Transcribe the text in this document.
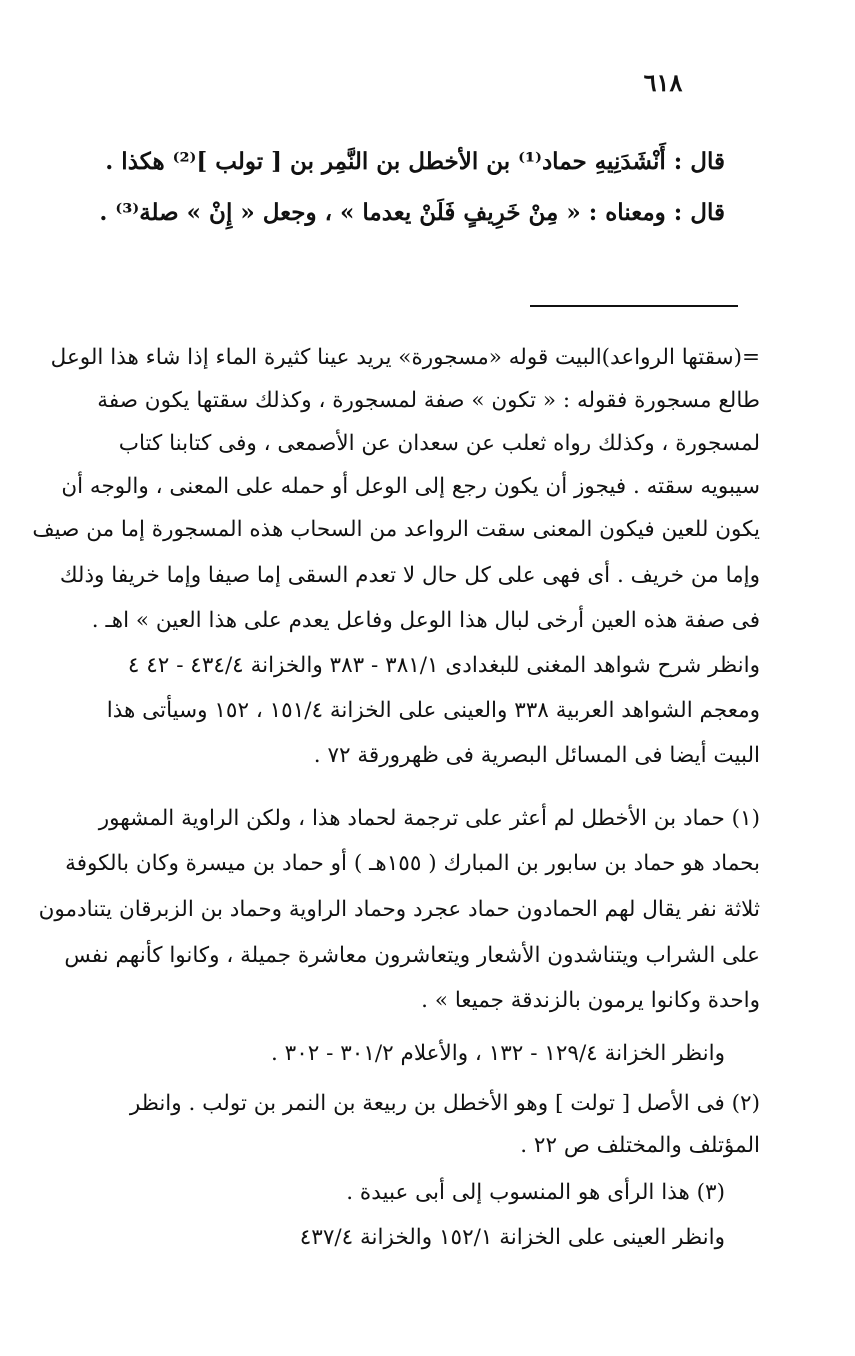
٦١٨
قال : أَنْشَدَنِيهِ حماد⁽¹⁾ بن الأخطل بن النَّمِر بن [ تولب ]⁽²⁾ هكذا .
قال : ومعناه : « مِنْ خَرِيفٍ فَلَنْ يعدما » ، وجعل « إِنْ » صلة⁽³⁾ .
=(سقتها الرواعد)البيت قوله «مسجورة» يريد عينا كثيرة الماء إذا شاء هذا الوعل
طالع مسجورة فقوله : « تكون » صفة لمسجورة ، وكذلك سقتها يكون صفة
لمسجورة ، وكذلك رواه ثعلب عن سعدان عن الأصمعى ، وفى كتابنا كتاب
سيبويه سقته . فيجوز أن يكون رجع إلى الوعل أو حمله على المعنى ، والوجه أن
يكون للعين فيكون المعنى سقت الرواعد من السحاب هذه المسجورة إما من صيف
وإما من خريف . أى فهى على كل حال لا تعدم السقى إما صيفا وإما خريفا وذلك
فى صفة هذه العين أرخى لبال هذا الوعل وفاعل يعدم على هذا العين » اهـ .
وانظر شرح شواهد المغنى للبغدادى ٣٨١/١ - ٣٨٣ والخزانة ٤٣٤/٤ - ٤٢ ٤
ومعجم الشواهد العربية ٣٣٨ والعينى على الخزانة ١٥١/٤ ، ١٥٢ وسيأتى هذا
البيت أيضا فى المسائل البصرية فى ظهرورقة ٧٢ .
(١) حماد بن الأخطل لم أعثر على ترجمة لحماد هذا ، ولكن الراوية المشهور
بحماد هو حماد بن سابور بن المبارك ( ١٥٥هـ ) أو حماد بن ميسرة وكان بالكوفة
ثلاثة نفر يقال لهم الحمادون حماد عجرد وحماد الراوية وحماد بن الزبرقان يتنادمون
على الشراب ويتناشدون الأشعار ويتعاشرون معاشرة جميلة ، وكانوا كأنهم نفس
واحدة وكانوا يرمون بالزندقة جميعا » .
وانظر الخزانة ١٢٩/٤ - ١٣٢ ، والأعلام ٣٠١/٢ - ٣٠٢ .
(٢) فى الأصل [ تولت ] وهو الأخطل بن ربيعة بن النمر بن تولب . وانظر
المؤتلف والمختلف ص ٢٢ .
(٣) هذا الرأى هو المنسوب إلى أبى عبيدة .
وانظر العينى على الخزانة ١٥٢/١ والخزانة ٤٣٧/٤
